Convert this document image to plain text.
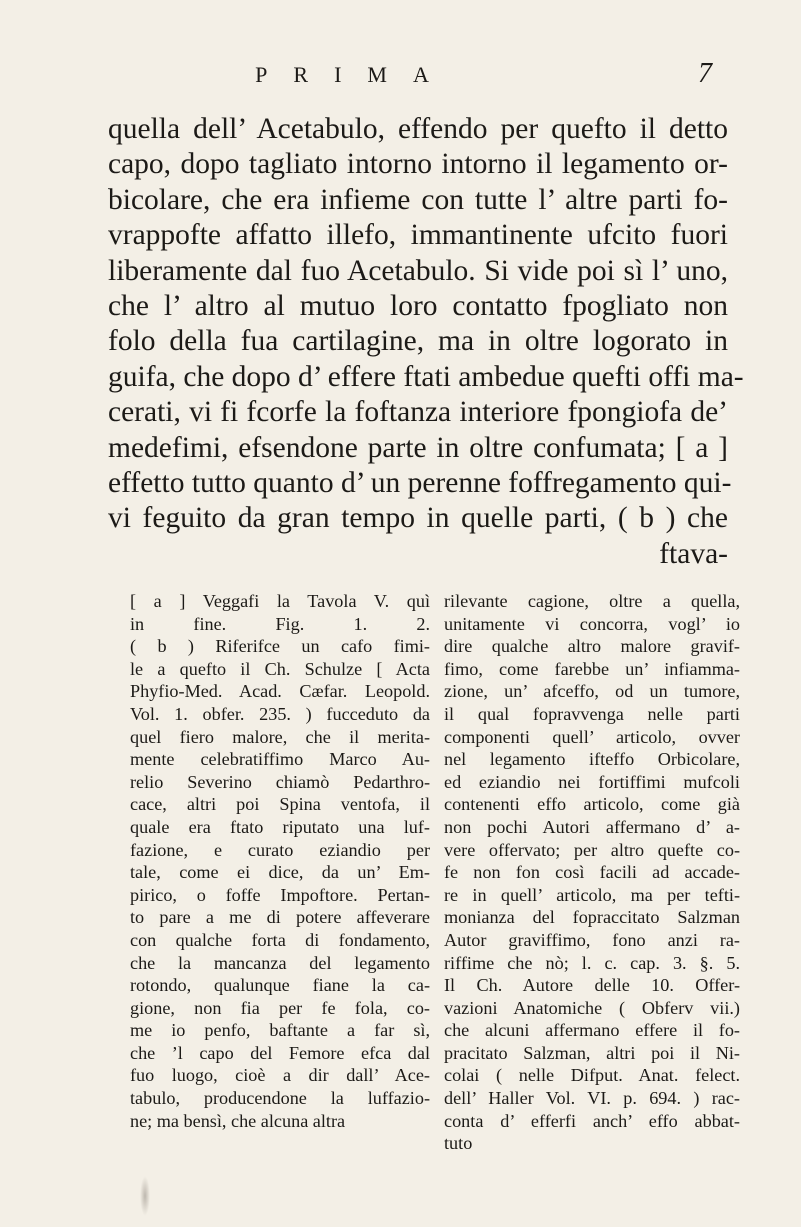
PRIMA	7
quella dell’ Acetabulo, effendo per quefto il detto
capo, dopo tagliato intorno intorno il legamento or-
bicolare, che era infieme con tutte l’ altre parti fo-
vrappofte affatto illefo, immantinente ufcito fuori
liberamente dal fuo Acetabulo. Si vide poi sì l’ uno,
che l’ altro al mutuo loro contatto fpogliato non
folo della fua cartilagine, ma in oltre logorato in
guifa, che dopo d’ effere ftati ambedue quefti offi ma-
cerati, vi fi fcorfe la foftanza interiore fpongiofa de’
medefimi, efsendone parte in oltre confumata; [ a ]
effetto tutto quanto d’ un perenne foffregamento qui-
vi feguito da gran tempo in quelle parti, ( b ) che
ftava-
[ a ] Veggafi la Tavola V. quì
in fine. Fig. 1. 2.
( b ) Riferifce un cafo fimi-
le a quefto il Ch. Schulze [ Acta
Phyfio-Med. Acad. Cæfar. Leopold.
Vol. 1. obfer. 235. ) fucceduto da
quel fiero malore, che il merita-
mente celebratiffimo Marco Au-
relio Severino chiamò Pedarthro-
cace, altri poi Spina ventofa, il
quale era ftato riputato una luf-
fazione, e curato eziandio per
tale, come ei dice, da un’ Em-
pirico, o foffe Impoftore. Pertan-
to pare a me di potere affeverare
con qualche forta di fondamento,
che la mancanza del legamento
rotondo, qualunque fiane la ca-
gione, non fia per fe fola, co-
me io penfo, baftante a far sì,
che ’l capo del Femore efca dal
fuo luogo, cioè a dir dall’ Ace-
tabulo, producendone la luffazio-
ne; ma bensì, che alcuna altra
rilevante cagione, oltre a quella,
unitamente vi concorra, vogl’ io
dire qualche altro malore gravif-
fimo, come farebbe un’ infiamma-
zione, un’ afceffo, od un tumore,
il qual fopravvenga nelle parti
componenti quell’ articolo, ovver
nel legamento ifteffo Orbicolare,
ed eziandio nei fortiffimi mufcoli
contenenti effo articolo, come già
non pochi Autori affermano d’ a-
vere offervato; per altro quefte co-
fe non fon così facili ad accade-
re in quell’ articolo, ma per tefti-
monianza del fopraccitato Salzman
Autor graviffimo, fono anzi ra-
riffime che nò; l. c. cap. 3. §. 5.
Il Ch. Autore delle 10. Offer-
vazioni Anatomiche ( Obferv vii.)
che alcuni affermano effere il fo-
pracitato Salzman, altri poi il Ni-
colai ( nelle Difput. Anat. felect.
dell’ Haller Vol. VI. p. 694. ) rac-
conta d’ efferfi anch’ effo abbat-
tuto
